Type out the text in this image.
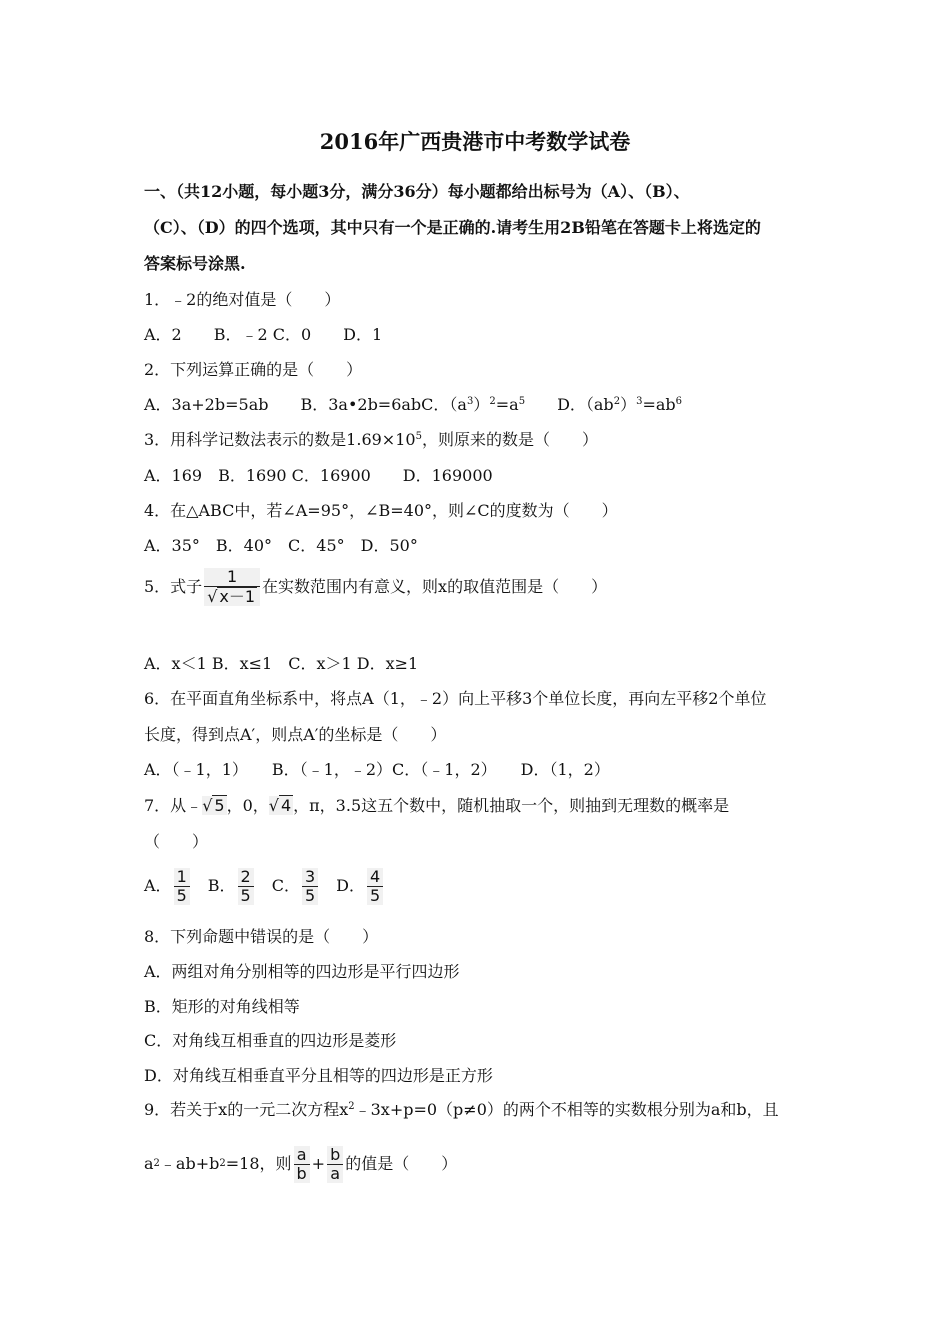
2016年广西贵港市中考数学试卷
一、（共12小题，每小题3分，满分36分）每小题都给出标号为（A）、（B）、
（C）、（D）的四个选项，其中只有一个是正确的.请考生用2B铅笔在答题卡上将选定的
答案标号涂黑.
1．﹣2的绝对值是（　　）
A．2　　B．﹣2 C．0　　D．1
2．下列运算正确的是（　　）
A．3a+2b=5ab　　B．3a•2b=6abC．$(a^3)^2=a^5$　　D．$(ab^2)^3=ab^6$
3．用科学记数法表示的数是$1.69\times 10^5$，则原来的数是（　　）
A．169　B．1690 C．16900　　D．169000
4．在△ABC中，若∠A=95°，∠B=40°，则∠C的度数为（　　）
A．35°　B．40°　C．45°　D．50°
5．式子 $\frac{1}{√ x-1}$ 在实数范围内有意义，则x的取值范围是（　　）
A．x＜1 B．x≤1　C．x＞1 D．x≥1
6．在平面直角坐标系中，将点A（1，﹣2）向上平移3个单位长度，再向左平移2个单位
长度，得到点A′，则点A′的坐标是（　　）
A．（﹣1，1）　　B．（﹣1，﹣2）C．（﹣1，2）　　D．（1，2）
7．从﹣√ 5 ，0，√ 4 ，π，3.5这五个数中，随机抽取一个，则抽到无理数的概率是
（　　）
A． $\frac{1}{5}$ 　B． $\frac{2}{5}$ 　C． $\frac{3}{5}$ 　D． $\frac{4}{5}$
8．下列命题中错误的是（　　）
A．两组对角分别相等的四边形是平行四边形
B．矩形的对角线相等
C．对角线互相垂直的四边形是菱形
D．对角线互相垂直平分且相等的四边形是正方形
9．若关于x的一元二次方程$x^2﹣3x+p=0(p\ne 0)$的两个不相等的实数根分别为a和b，且
a 2 ﹣ab+b 2 =18，则 $\frac{a}{b} + \frac{b}{a}$ 的值是（　　）
